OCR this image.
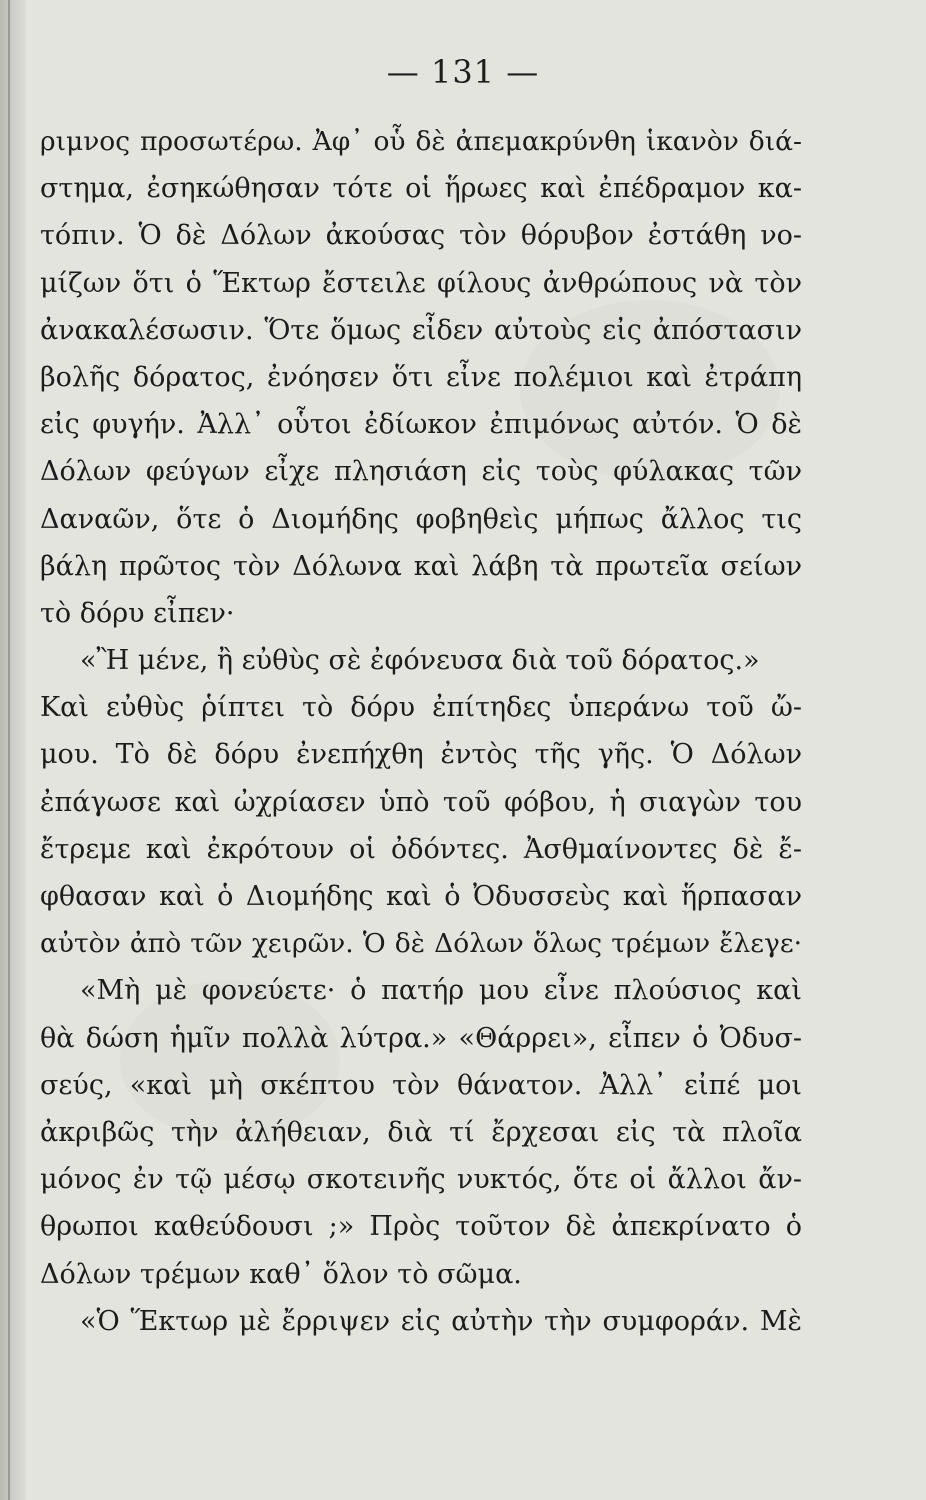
— 131 —
ριμνος προσωτέρω. Ἀφ᾽ οὗ δὲ ἀπεμακρύνθη ἱκανὸν διά-
στημα, ἐσηκώθησαν τότε οἱ ἥρωες καὶ ἐπέδραμον κα-
τόπιν. Ὁ δὲ Δόλων ἀκούσας τὸν θόρυβον ἐστάθη νο-
μίζων ὅτι ὁ Ἕκτωρ ἔστειλε φίλους ἀνθρώπους νὰ τὸν
ἀνακαλέσωσιν. Ὅτε ὅμως εἶδεν αὐτοὺς εἰς ἀπόστασιν
βολῆς δόρατος, ἐνόησεν ὅτι εἶνε πολέμιοι καὶ ἐτράπη
εἰς φυγήν. Ἀλλ᾽ οὗτοι ἐδίωκον ἐπιμόνως αὐτόν. Ὁ δὲ
Δόλων φεύγων εἶχε πλησιάση εἰς τοὺς φύλακας τῶν
Δαναῶν, ὅτε ὁ Διομήδης φοβηθεὶς μήπως ἄλλος τις
βάλη πρῶτος τὸν Δόλωνα καὶ λάβη τὰ πρωτεῖα σείων
τὸ δόρυ εἶπεν·
«Ἢ μένε, ἢ εὐθὺς σὲ ἐφόνευσα διὰ τοῦ δόρατος.»
Καὶ εὐθὺς ῥίπτει τὸ δόρυ ἐπίτηδες ὑπεράνω τοῦ ὤ-
μου. Τὸ δὲ δόρυ ἐνεπήχθη ἐντὸς τῆς γῆς. Ὁ Δόλων
ἐπάγωσε καὶ ὠχρίασεν ὑπὸ τοῦ φόβου, ἡ σιαγὼν του
ἔτρεμε καὶ ἐκρότουν οἱ ὀδόντες. Ἀσθμαίνοντες δὲ ἔ-
φθασαν καὶ ὁ Διομήδης καὶ ὁ Ὀδυσσεὺς καὶ ἥρπασαν
αὐτὸν ἀπὸ τῶν χειρῶν. Ὁ δὲ Δόλων ὅλως τρέμων ἔλεγε·
«Μὴ μὲ φονεύετε· ὁ πατήρ μου εἶνε πλούσιος καὶ
θὰ δώση ἡμῖν πολλὰ λύτρα.» «Θάρρει», εἶπεν ὁ Ὀδυσ-
σεύς, «καὶ μὴ σκέπτου τὸν θάνατον. Ἀλλ᾽ εἰπέ μοι
ἀκριβῶς τὴν ἀλήθειαν, διὰ τί ἔρχεσαι εἰς τὰ πλοῖα
μόνος ἐν τῷ μέσῳ σκοτεινῆς νυκτός, ὅτε οἱ ἄλλοι ἄν-
θρωποι καθεύδουσι ;» Πρὸς τοῦτον δὲ ἀπεκρίνατο ὁ
Δόλων τρέμων καθ᾽ ὅλον τὸ σῶμα.
«Ὁ Ἕκτωρ μὲ ἔρριψεν εἰς αὐτὴν τὴν συμφοράν. Μὲ
